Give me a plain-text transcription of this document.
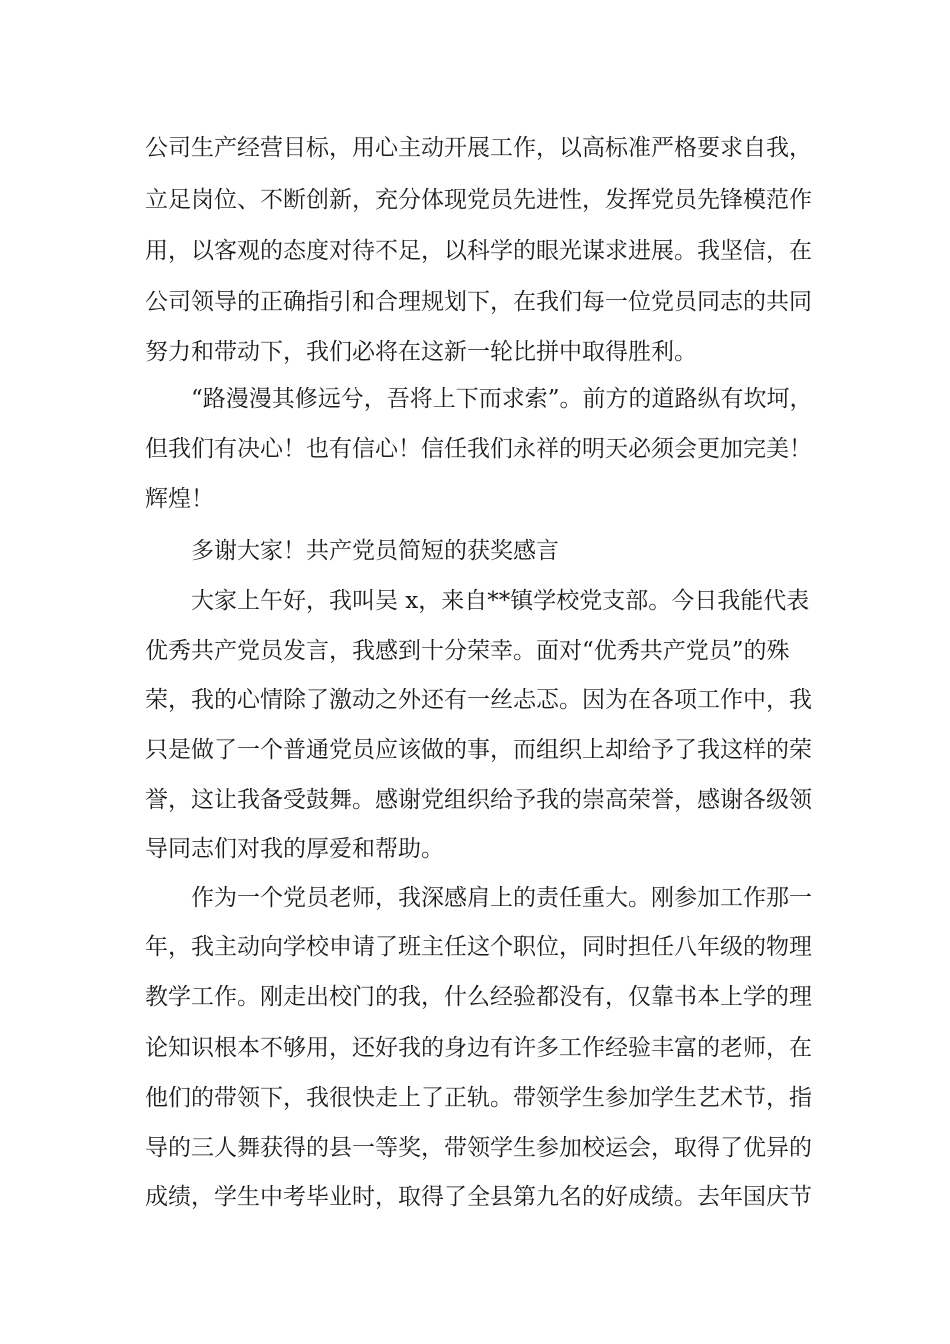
公司生产经营目标，用心主动开展工作，以高标准严格要求自我，
立足岗位、不断创新，充分体现党员先进性，发挥党员先锋模范作
用，以客观的态度对待不足，以科学的眼光谋求进展。我坚信，在
公司领导的正确指引和合理规划下，在我们每一位党员同志的共同
努力和带动下，我们必将在这新一轮比拼中取得胜利。
“路漫漫其修远兮，吾将上下而求索”。前方的道路纵有坎坷，
但我们有决心！也有信心！信任我们永祥的明天必须会更加完美！
辉煌！
多谢大家！共产党员简短的获奖感言
大家上午好，我叫吴 x，来自**镇学校党支部。今日我能代表
优秀共产党员发言，我感到十分荣幸。面对“优秀共产党员”的殊
荣，我的心情除了激动之外还有一丝忐忑。因为在各项工作中，我
只是做了一个普通党员应该做的事，而组织上却给予了我这样的荣
誉，这让我备受鼓舞。感谢党组织给予我的崇高荣誉，感谢各级领
导同志们对我的厚爱和帮助。
作为一个党员老师，我深感肩上的责任重大。刚参加工作那一
年，我主动向学校申请了班主任这个职位，同时担任八年级的物理
教学工作。刚走出校门的我，什么经验都没有，仅靠书本上学的理
论知识根本不够用，还好我的身边有许多工作经验丰富的老师，在
他们的带领下，我很快走上了正轨。带领学生参加学生艺术节，指
导的三人舞获得的县一等奖，带领学生参加校运会，取得了优异的
成绩，学生中考毕业时，取得了全县第九名的好成绩。去年国庆节
